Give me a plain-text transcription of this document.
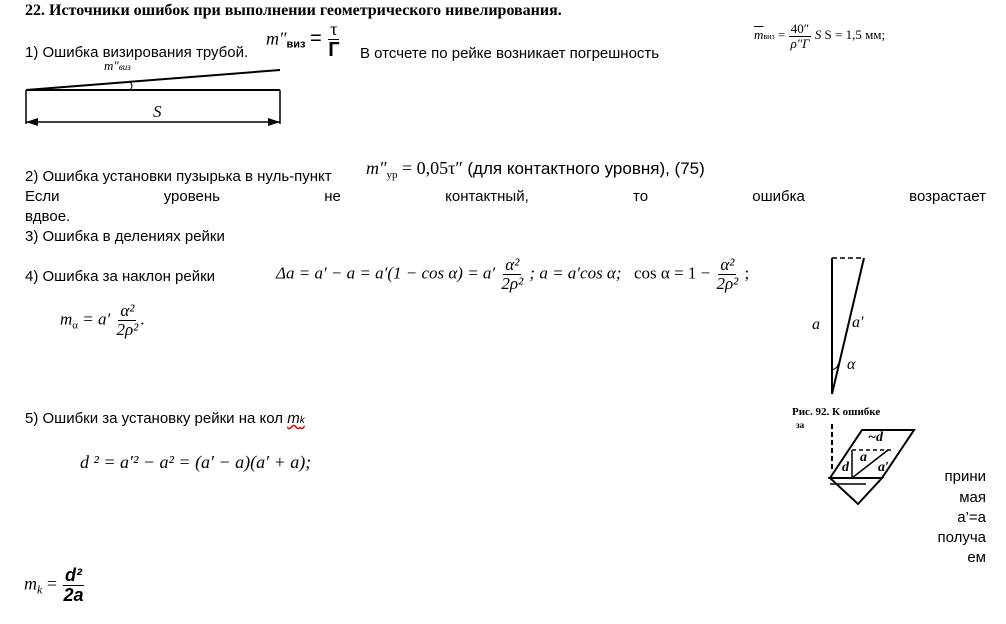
22. Источники ошибок при выполнении геометрического нивелирования.
1) Ошибка визирования трубой.
$m''виз = \frac{\tau}{Г}$ В отсчете по рейке возникает погрешность
$\overline{m}виз = \frac{40''}{\rho''Г}$ S S = 1,5 мм;
m″виз
S
2) Ошибка установки пузырька в нуль-пункт $m''_{ур} = 0,05\tau''$ (для контактного уровня), (75)
Если	уровень	не	контактный,	то	ошибка	возрастает
вдвое.
3) Ошибка в делениях рейки
4) Ошибка за наклон рейки	$\Delta a = a' - a = a'(1 - \cos \alpha) = a' \frac{\text{α²}}{\text{2ρ²}}$ ; a = a′cos α; $\cos \alpha = 1 - \frac{\text{α²}}{\text{2ρ²}}$ ;
$m_\alpha = a' \frac{\text{α²}}{\text{2ρ²}}$ .	a a′
α
5) Ошибки за установку рейки на кол mk
d ² = a′² − a² = (a′ − a)(a′ + a);
Рис. 92. К ошибке
за
~d
a
d a′
прини
мая
a’=a
получа
ем
$m_k = \frac{\text{d²}}{2a}$
